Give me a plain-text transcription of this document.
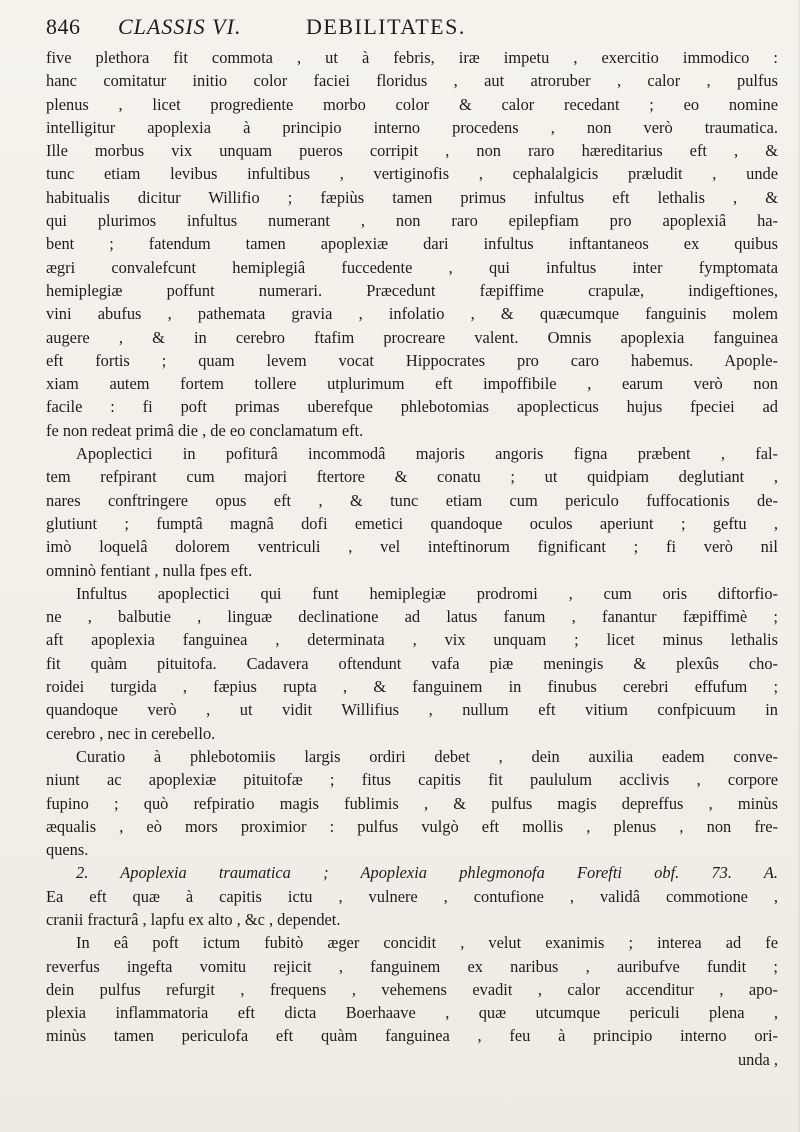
846 CLASSIS VI.	DEBILITATES.
five plethora fit commota , ut à febris, iræ impetu , exercitio immodico :
hanc comitatur initio color faciei floridus , aut atroruber , calor , pulfus
plenus , licet progrediente morbo color & calor recedant ; eo nomine
intelligitur apoplexia à principio interno procedens , non verò traumatica.
Ille morbus vix unquam pueros corripit , non raro hæreditarius eft , &
tunc etiam levibus infultibus , vertiginofis , cephalalgicis præludit , unde
habitualis dicitur Willifio ; fæpiùs tamen primus infultus eft lethalis , &
qui plurimos infultus numerant , non raro epilepfiam pro apoplexiâ ha-
bent ; fatendum tamen apoplexiæ dari infultus inftantaneos ex quibus
ægri convalefcunt hemiplegiâ fuccedente , qui infultus inter fymptomata
hemiplegiæ poffunt numerari. Præcedunt fæpiffime crapulæ, indigeftiones,
vini abufus , pathemata gravia , infolatio , & quæcumque fanguinis molem
augere , & in cerebro ftafim procreare valent. Omnis apoplexia fanguinea
eft fortis ; quam levem vocat Hippocrates pro caro habemus. Apople-
xiam autem fortem tollere utplurimum eft impoffibile , earum verò non
facile : fi poft primas uberefque phlebotomias apoplecticus hujus fpeciei ad
fe non redeat primâ die , de eo conclamatum eft.
Apoplectici in pofiturâ incommodâ majoris angoris figna præbent , fal-
tem refpirant cum majori ftertore & conatu ; ut quidpiam deglutiant ,
nares conftringere opus eft , & tunc etiam cum periculo fuffocationis de-
glutiunt ; fumptâ magnâ dofi emetici quandoque oculos aperiunt ; geftu ,
imò loquelâ dolorem ventriculi , vel inteftinorum fignificant ; fi verò nil
omninò fentiant , nulla fpes eft.
Infultus apoplectici qui funt hemiplegiæ prodromi , cum oris diftorfio-
ne , balbutie , linguæ declinatione ad latus fanum , fanantur fæpiffimè ;
aft apoplexia fanguinea , determinata , vix unquam ; licet minus lethalis
fit quàm pituitofa. Cadavera oftendunt vafa piæ meningis & plexûs cho-
roidei turgida , fæpius rupta , & fanguinem in finubus cerebri effufum ;
quandoque verò , ut vidit Willifius , nullum eft vitium confpicuum in
cerebro , nec in cerebello.
Curatio à phlebotomiis largis ordiri debet , dein auxilia eadem conve-
niunt ac apoplexiæ pituitofæ ; fitus capitis fit paululum acclivis , corpore
fupino ; quò refpiratio magis fublimis , & pulfus magis depreffus , minùs
æqualis , eò mors proximior : pulfus vulgò eft mollis , plenus , non fre-
quens.
2. Apoplexia traumatica ; Apoplexia phlegmonofa Forefti obf. 73. A.
Ea eft quæ à capitis ictu , vulnere , contufione , validâ commotione ,
cranii fracturâ , lapfu ex alto , &c , dependet.
In eâ poft ictum fubitò æger concidit , velut exanimis ; interea ad fe
reverfus ingefta vomitu rejicit , fanguinem ex naribus , auribufve fundit ;
dein pulfus refurgit , frequens , vehemens evadit , calor accenditur , apo-
plexia inflammatoria eft dicta Boerhaave , quæ utcumque periculi plena ,
minùs tamen periculofa eft quàm fanguinea , feu à principio interno ori-
unda ,
